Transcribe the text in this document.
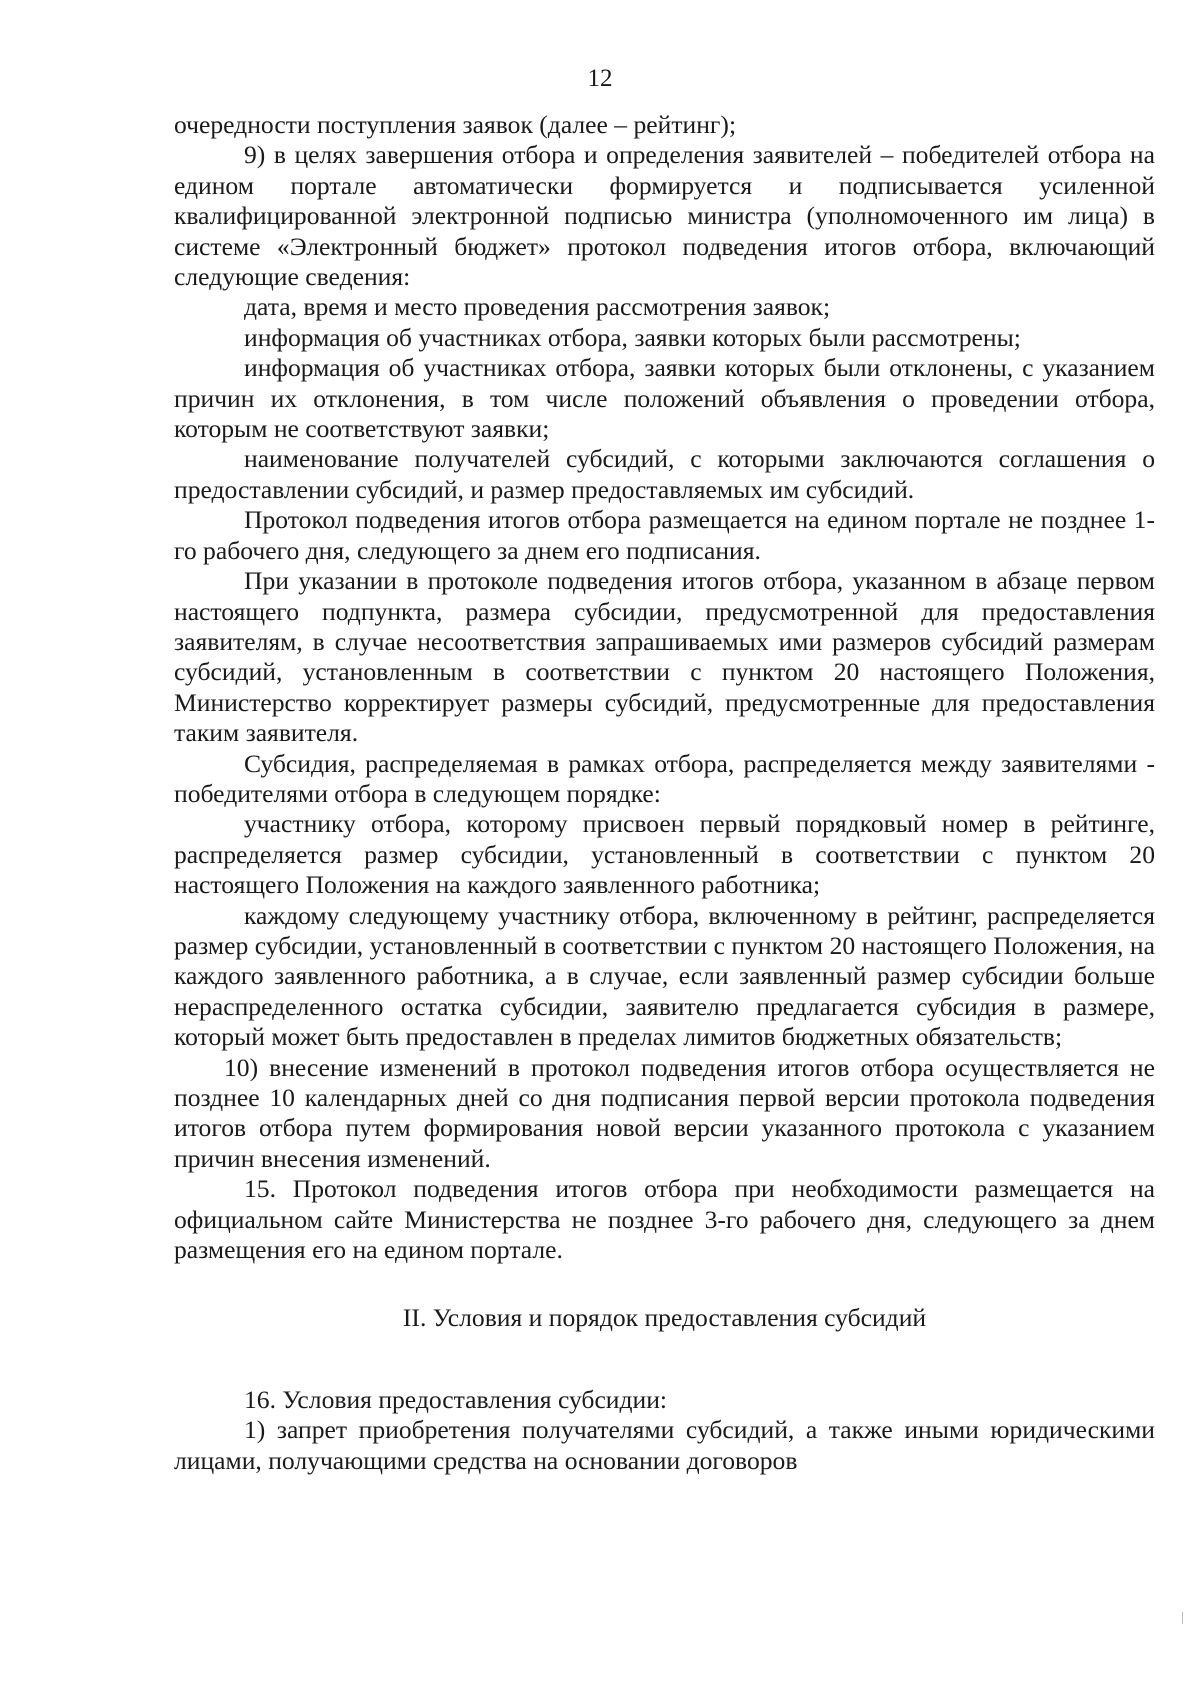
12

очередности поступления заявок (далее – рейтинг);

9) в целях завершения отбора и определения заявителей – победителей отбора на едином портале автоматически формируется и подписывается усиленной квалифицированной электронной подписью министра (уполномоченного им лица) в системе «Электронный бюджет» протокол подведения итогов отбора, включающий следующие сведения:

дата, время и место проведения рассмотрения заявок;

информация об участниках отбора, заявки которых были рассмотрены;

информация об участниках отбора, заявки которых были отклонены, с указанием причин их отклонения, в том числе положений объявления о проведении отбора, которым не соответствуют заявки;

наименование получателей субсидий, с которыми заключаются соглашения о предоставлении субсидий, и размер предоставляемых им субсидий.

Протокол подведения итогов отбора размещается на едином портале не позднее 1-го рабочего дня, следующего за днем его подписания.

При указании в протоколе подведения итогов отбора, указанном в абзаце первом настоящего подпункта, размера субсидии, предусмотренной для предоставления заявителям, в случае несоответствия запрашиваемых ими размеров субсидий размерам субсидий, установленным в соответствии с пунктом 20 настоящего Положения, Министерство корректирует размеры субсидий, предусмотренные для предоставления таким заявителя.

Субсидия, распределяемая в рамках отбора, распределяется между заявителями - победителями отбора в следующем порядке:

участнику отбора, которому присвоен первый порядковый номер в рейтинге, распределяется размер субсидии, установленный в соответствии с пунктом 20 настоящего Положения на каждого заявленного работника;

каждому следующему участнику отбора, включенному в рейтинг, распределяется размер субсидии, установленный в соответствии с пунктом 20 настоящего Положения, на каждого заявленного работника, а в случае, если заявленный размер субсидии больше нераспределенного остатка субсидии, заявителю предлагается субсидия в размере, который может быть предоставлен в пределах лимитов бюджетных обязательств;

10) внесение изменений в протокол подведения итогов отбора осуществляется не позднее 10 календарных дней со дня подписания первой версии протокола подведения итогов отбора путем формирования новой версии указанного протокола с указанием причин внесения изменений.

15. Протокол подведения итогов отбора при необходимости размещается на официальном сайте Министерства не позднее 3-го рабочего дня, следующего за днем размещения его на едином портале.

II. Условия и порядок предоставления субсидий

16. Условия предоставления субсидии:

1) запрет приобретения получателями субсидий, а также иными юридическими лицами, получающими средства на основании договоров
